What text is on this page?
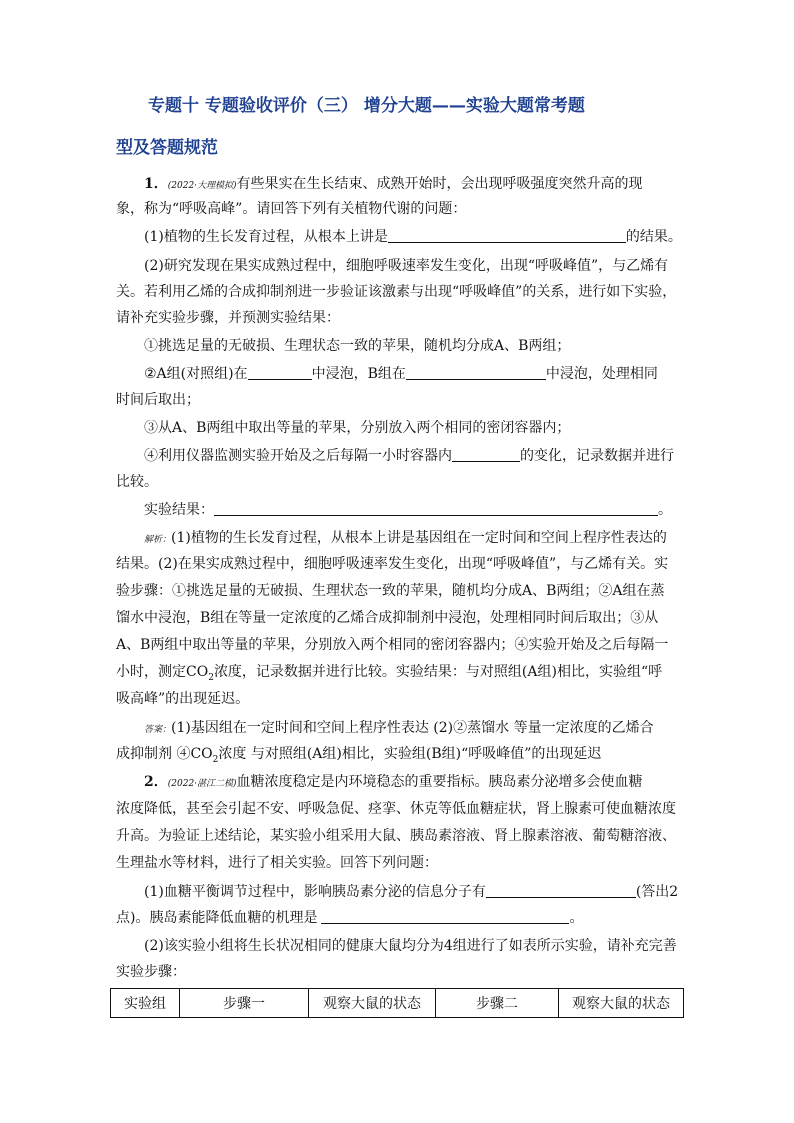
专题十 专题验收评价（三） 增分大题——实验大题常考题
型及答题规范
1．(2022·大理模拟)有些果实在生长结束、成熟开始时，会出现呼吸强度突然升高的现
象，称为“呼吸高峰”。请回答下列有关植物代谢的问题：
(1)植物的生长发育过程，从根本上讲是	的结果。
(2)研究发现在果实成熟过程中，细胞呼吸速率发生变化，出现“呼吸峰值”，与乙烯有
关。若利用乙烯的合成抑制剂进一步验证该激素与出现“呼吸峰值”的关系，进行如下实验，
请补充实验步骤，并预测实验结果：
①挑选足量的无破损、生理状态一致的苹果，随机均分成A、B两组；
②A组(对照组)在	中浸泡，B组在	中浸泡，处理相同
时间后取出；
③从A、B两组中取出等量的苹果，分别放入两个相同的密闭容器内；
④利用仪器监测实验开始及之后每隔一小时容器内	的变化，记录数据并进行
比较。
实验结果：	。
解析：(1)植物的生长发育过程，从根本上讲是基因组在一定时间和空间上程序性表达的
结果。(2)在果实成熟过程中，细胞呼吸速率发生变化，出现“呼吸峰值”，与乙烯有关。实
验步骤：①挑选足量的无破损、生理状态一致的苹果，随机均分成A、B两组；②A组在蒸
馏水中浸泡，B组在等量一定浓度的乙烯合成抑制剂中浸泡，处理相同时间后取出；③从
A、B两组中取出等量的苹果，分别放入两个相同的密闭容器内；④实验开始及之后每隔一
小时，测定$CO_2$浓度，记录数据并进行比较。实验结果：与对照组(A组)相比，实验组“呼
吸高峰”的出现延迟。
答案：(1)基因组在一定时间和空间上程序性表达 (2)②蒸馏水 等量一定浓度的乙烯合
成抑制剂 $④CO_2$浓度 与对照组(A组)相比，实验组(B组)“呼吸峰值”的出现延迟
2．(2022·湛江二模)血糖浓度稳定是内环境稳态的重要指标。胰岛素分泌增多会使血糖
浓度降低，甚至会引起不安、呼吸急促、痉挛、休克等低血糖症状，肾上腺素可使血糖浓度
升高。为验证上述结论，某实验小组采用大鼠、胰岛素溶液、肾上腺素溶液、葡萄糖溶液、
生理盐水等材料，进行了相关实验。回答下列问题：
(1)血糖平衡调节过程中，影响胰岛素分泌的信息分子有	(答出2
点)。胰岛素能降低血糖的机理是	。
(2)该实验小组将生长状况相同的健康大鼠均分为4组进行了如表所示实验，请补充完善
实验步骤：
实验组	步骤一	观察大鼠的状态	步骤二	观察大鼠的状态
